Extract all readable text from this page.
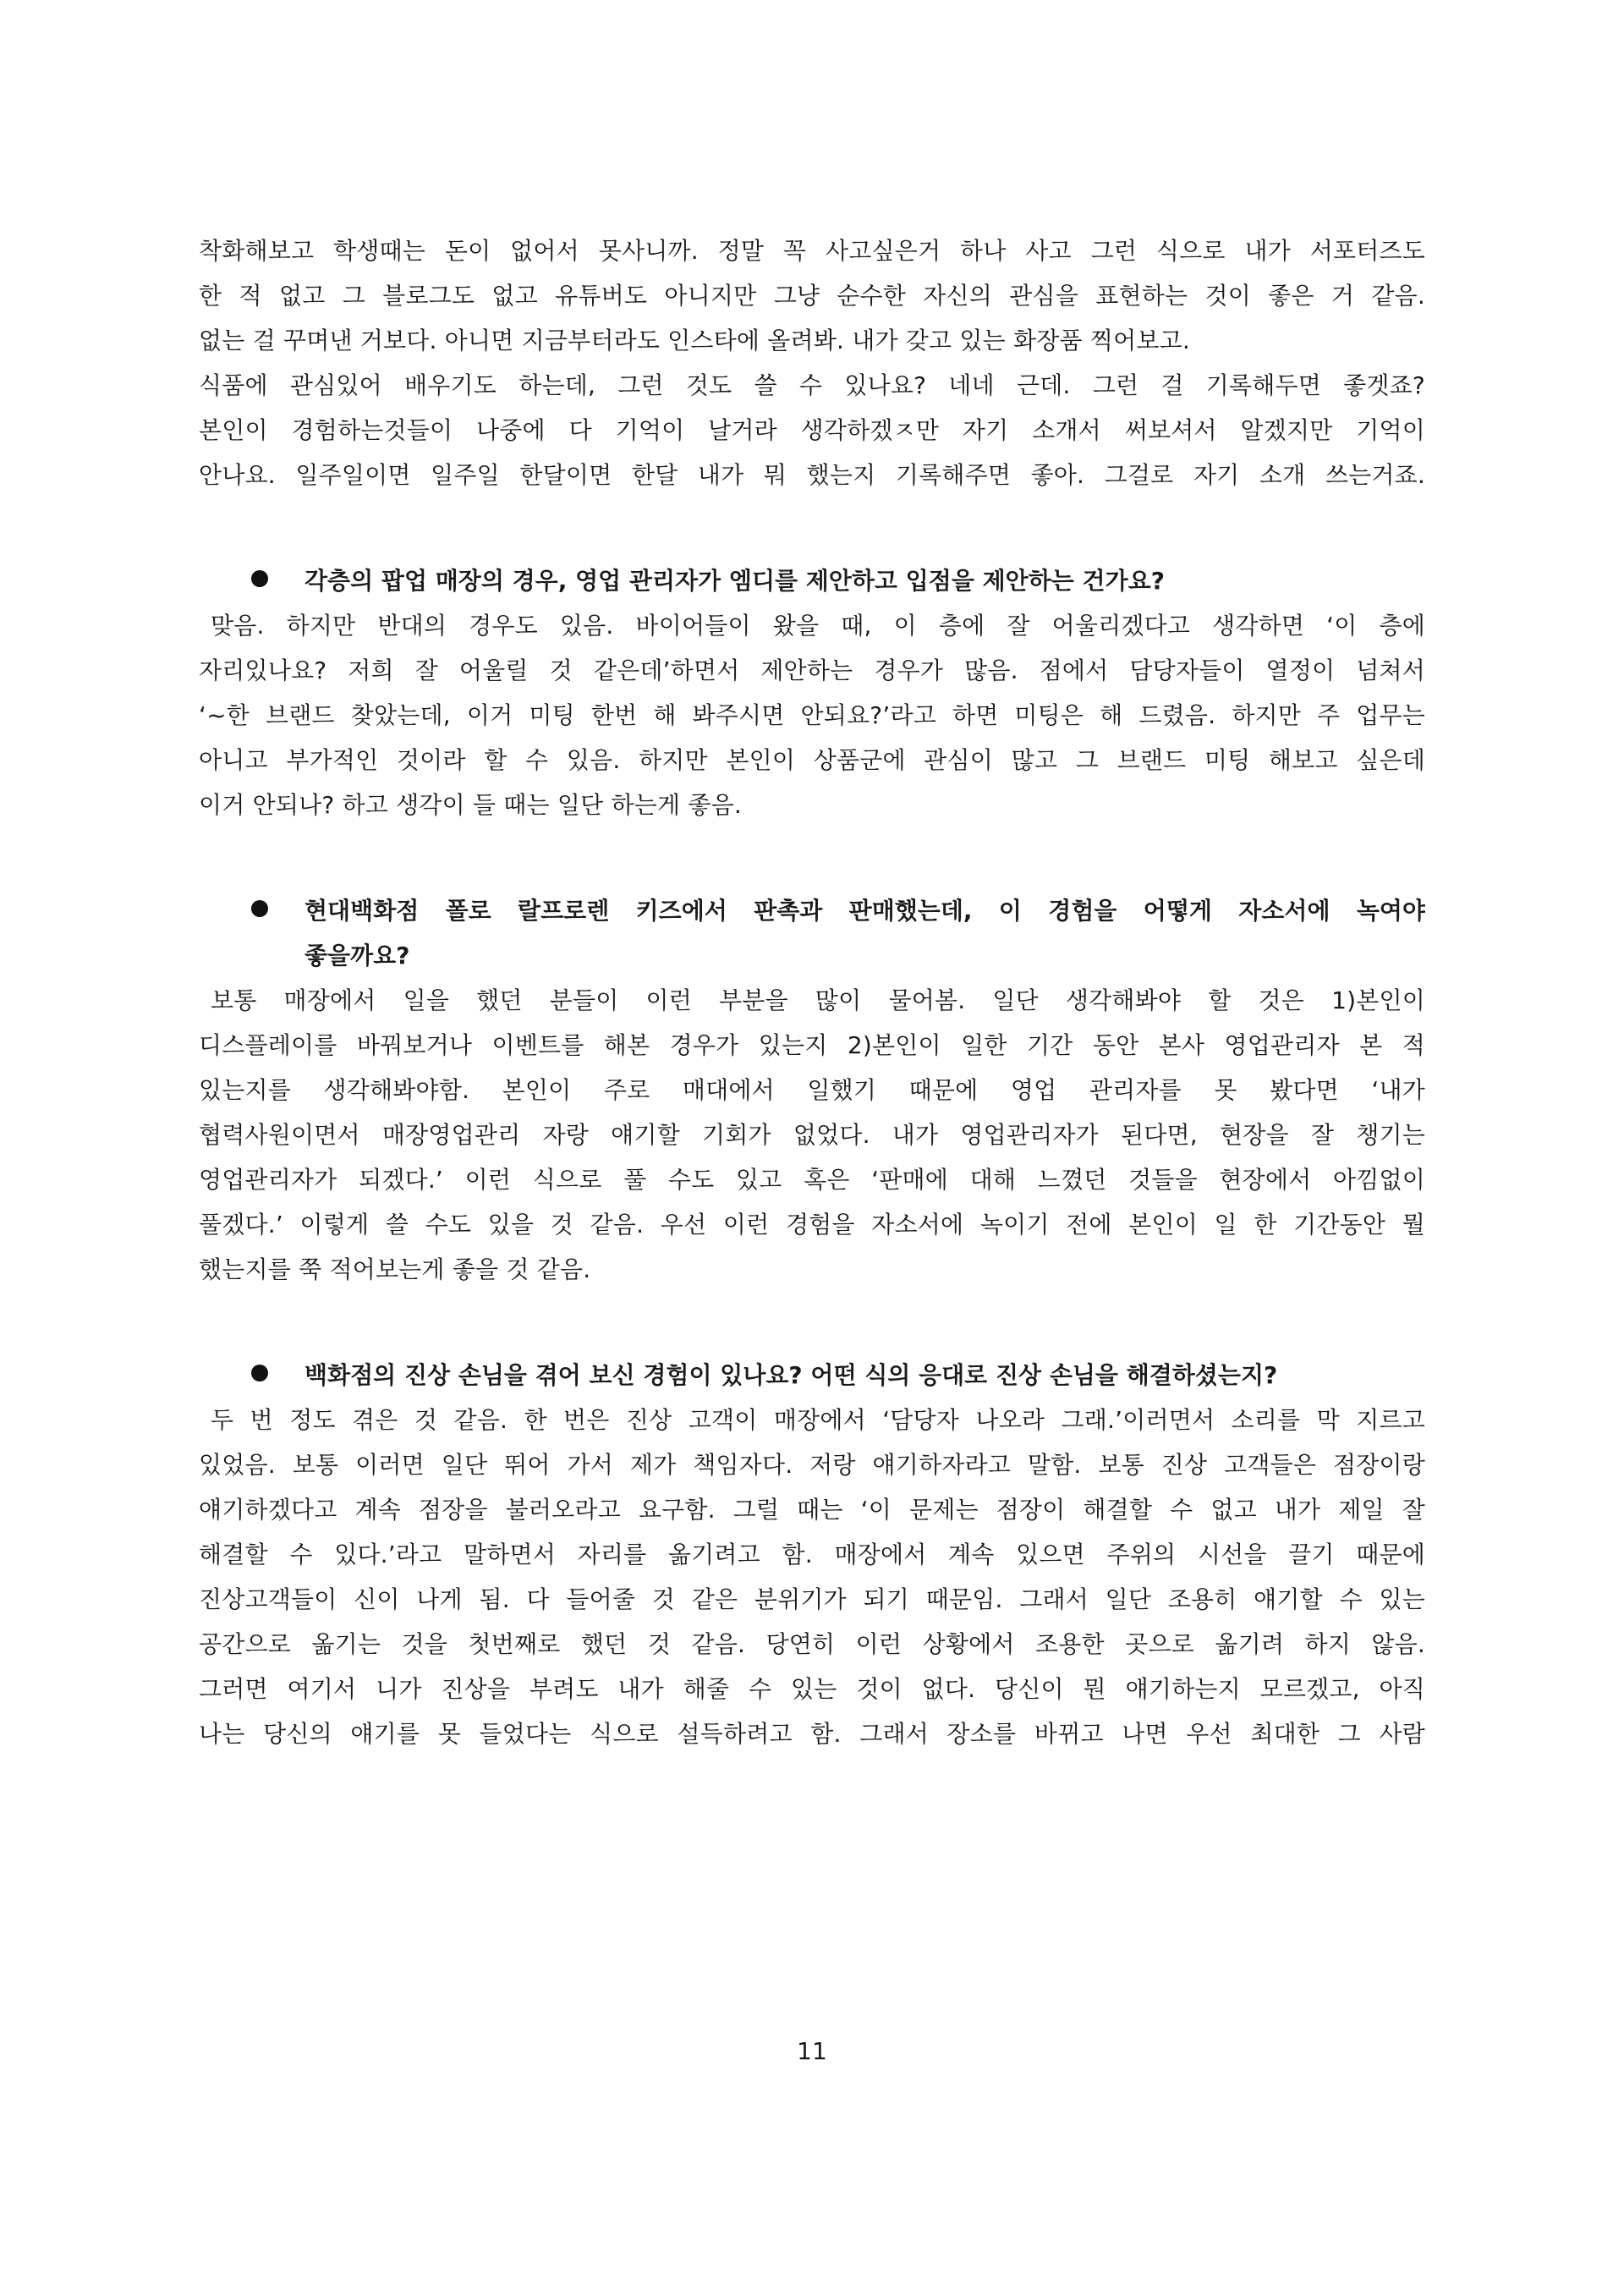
착화해보고 학생때는 돈이 없어서 못사니까. 정말 꼭 사고싶은거 하나 사고 그런 식으로 내가 서포터즈도
한 적 없고 그 블로그도 없고 유튜버도 아니지만 그냥 순수한 자신의 관심을 표현하는 것이 좋은 거 같음.
없는 걸 꾸며낸 거보다. 아니면 지금부터라도 인스타에 올려봐. 내가 갖고 있는 화장품 찍어보고.
식품에 관심있어 배우기도 하는데, 그런 것도 쓸 수 있나요? 네네 근데. 그런 걸 기록해두면 좋겟죠?
본인이 경험하는것들이 나중에 다 기억이 날거라 생각하겠ㅈ만 자기 소개서 써보셔서 알겠지만 기억이
안나요. 일주일이면 일주일 한달이면 한달 내가 뭐 했는지 기록해주면 좋아. 그걸로 자기 소개 쓰는거죠.
각층의 팝업 매장의 경우, 영업 관리자가 엠디를 제안하고 입점을 제안하는 건가요?
맞음. 하지만 반대의 경우도 있음. 바이어들이 왔을 때, 이 층에 잘 어울리겠다고 생각하면 ‘이 층에
자리있나요? 저희 잘 어울릴 것 같은데’하면서 제안하는 경우가 많음. 점에서 담당자들이 열정이 넘쳐서
‘~한 브랜드 찾았는데, 이거 미팅 한번 해 봐주시면 안되요?’라고 하면 미팅은 해 드렸음. 하지만 주 업무는
아니고 부가적인 것이라 할 수 있음. 하지만 본인이 상품군에 관심이 많고 그 브랜드 미팅 해보고 싶은데
이거 안되나? 하고 생각이 들 때는 일단 하는게 좋음.
현대백화점 폴로 랄프로렌 키즈에서 판촉과 판매했는데, 이 경험을 어떻게 자소서에 녹여야
좋을까요?
보통 매장에서 일을 했던 분들이 이런 부분을 많이 물어봄. 일단 생각해봐야 할 것은 1)본인이
디스플레이를 바꿔보거나 이벤트를 해본 경우가 있는지 2)본인이 일한 기간 동안 본사 영업관리자 본 적
있는지를 생각해봐야함. 본인이 주로 매대에서 일했기 때문에 영업 관리자를 못 봤다면 ‘내가
협력사원이면서 매장영업관리 자랑 얘기할 기회가 없었다. 내가 영업관리자가 된다면, 현장을 잘 챙기는
영업관리자가 되겠다.’ 이런 식으로 풀 수도 있고 혹은 ‘판매에 대해 느꼈던 것들을 현장에서 아낌없이
풀겠다.’ 이렇게 쓸 수도 있을 것 같음. 우선 이런 경험을 자소서에 녹이기 전에 본인이 일 한 기간동안 뭘
했는지를 쭉 적어보는게 좋을 것 같음.
백화점의 진상 손님을 겪어 보신 경험이 있나요? 어떤 식의 응대로 진상 손님을 해결하셨는지?
두 번 정도 겪은 것 같음. 한 번은 진상 고객이 매장에서 ‘담당자 나오라 그래.’이러면서 소리를 막 지르고
있었음. 보통 이러면 일단 뛰어 가서 제가 책임자다. 저랑 얘기하자라고 말함. 보통 진상 고객들은 점장이랑
얘기하겠다고 계속 점장을 불러오라고 요구함. 그럴 때는 ‘이 문제는 점장이 해결할 수 없고 내가 제일 잘
해결할 수 있다.’라고 말하면서 자리를 옮기려고 함. 매장에서 계속 있으면 주위의 시선을 끌기 때문에
진상고객들이 신이 나게 됨. 다 들어줄 것 같은 분위기가 되기 때문임. 그래서 일단 조용히 얘기할 수 있는
공간으로 옮기는 것을 첫번째로 했던 것 같음. 당연히 이런 상황에서 조용한 곳으로 옮기려 하지 않음.
그러면 여기서 니가 진상을 부려도 내가 해줄 수 있는 것이 없다. 당신이 뭔 얘기하는지 모르겠고, 아직
나는 당신의 얘기를 못 들었다는 식으로 설득하려고 함. 그래서 장소를 바뀌고 나면 우선 최대한 그 사람
11
